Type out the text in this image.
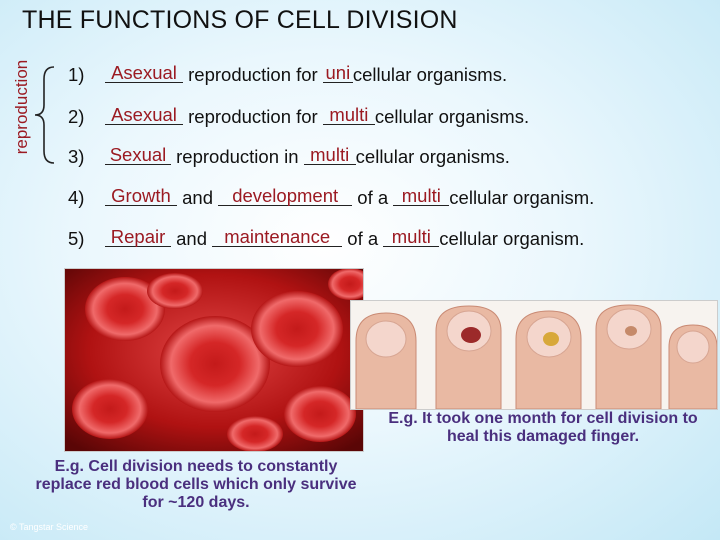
THE FUNCTIONS OF CELL DIVISION
reproduction 1) Asexual reproduction for uni cellular organisms.
2) Asexual reproduction for multi cellular organisms.
3) Sexual reproduction in multi cellular organisms.
4) Growth and development of a multi cellular organism.
5) Repair and maintenance of a multi cellular organism.
E.g. Cell division needs to constantly replace red blood cells which only survive for ~120 days.
E.g. It took one month for cell division to heal this damaged finger.
© Tangstar Science
